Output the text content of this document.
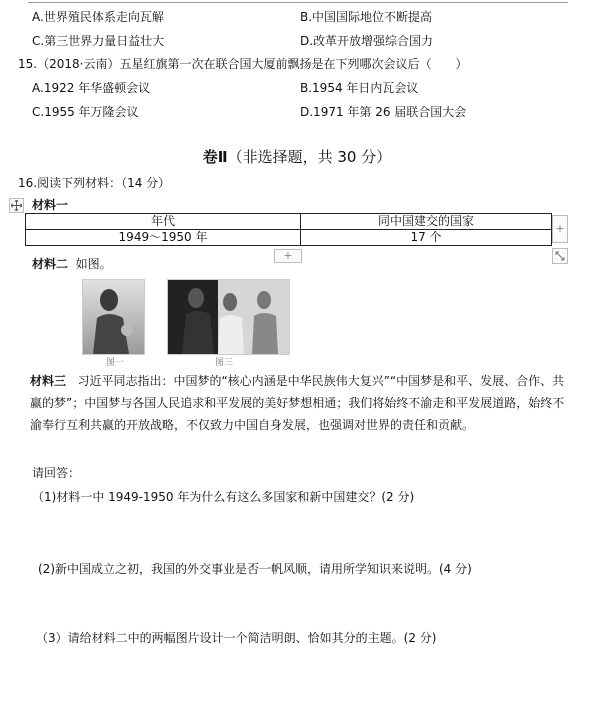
A.世界殖民体系走向瓦解	B.中国国际地位不断提高
C.第三世界力量日益壮大	D.改革开放增强综合国力
15.（2018·云南）五星红旗第一次在联合国大厦前飘扬是在下列哪次会议后（　　）
A.1922 年华盛顿会议	B.1954 年日内瓦会议
C.1955 年万隆会议	D.1971 年第 26 届联合国大会
卷Ⅱ（非选择题，共 30 分）
16.阅读下列材料：（14 分）
材料一
年代	同中国建交的国家
1949～1950 年	17 个
+
+
材料二 如图。
图一	图三
材料三 习近平同志指出：中国梦的“核心内涵是中华民族伟大复兴”“中国梦是和平、发展、合作、共赢的梦”；中国梦与各国人民追求和平发展的美好梦想相通；我们将始终不渝走和平发展道路，始终不渝奉行互利共赢的开放战略，不仅致力中国自身发展，也强调对世界的责任和贡献。
请回答：
（1)材料一中 1949-1950 年为什么有这么多国家和新中国建交？(2 分)
(2)新中国成立之初，我国的外交事业是否一帆风顺，请用所学知识来说明。(4 分)
（3）请给材料二中的两幅图片设计一个简洁明朗、恰如其分的主题。(2 分)
